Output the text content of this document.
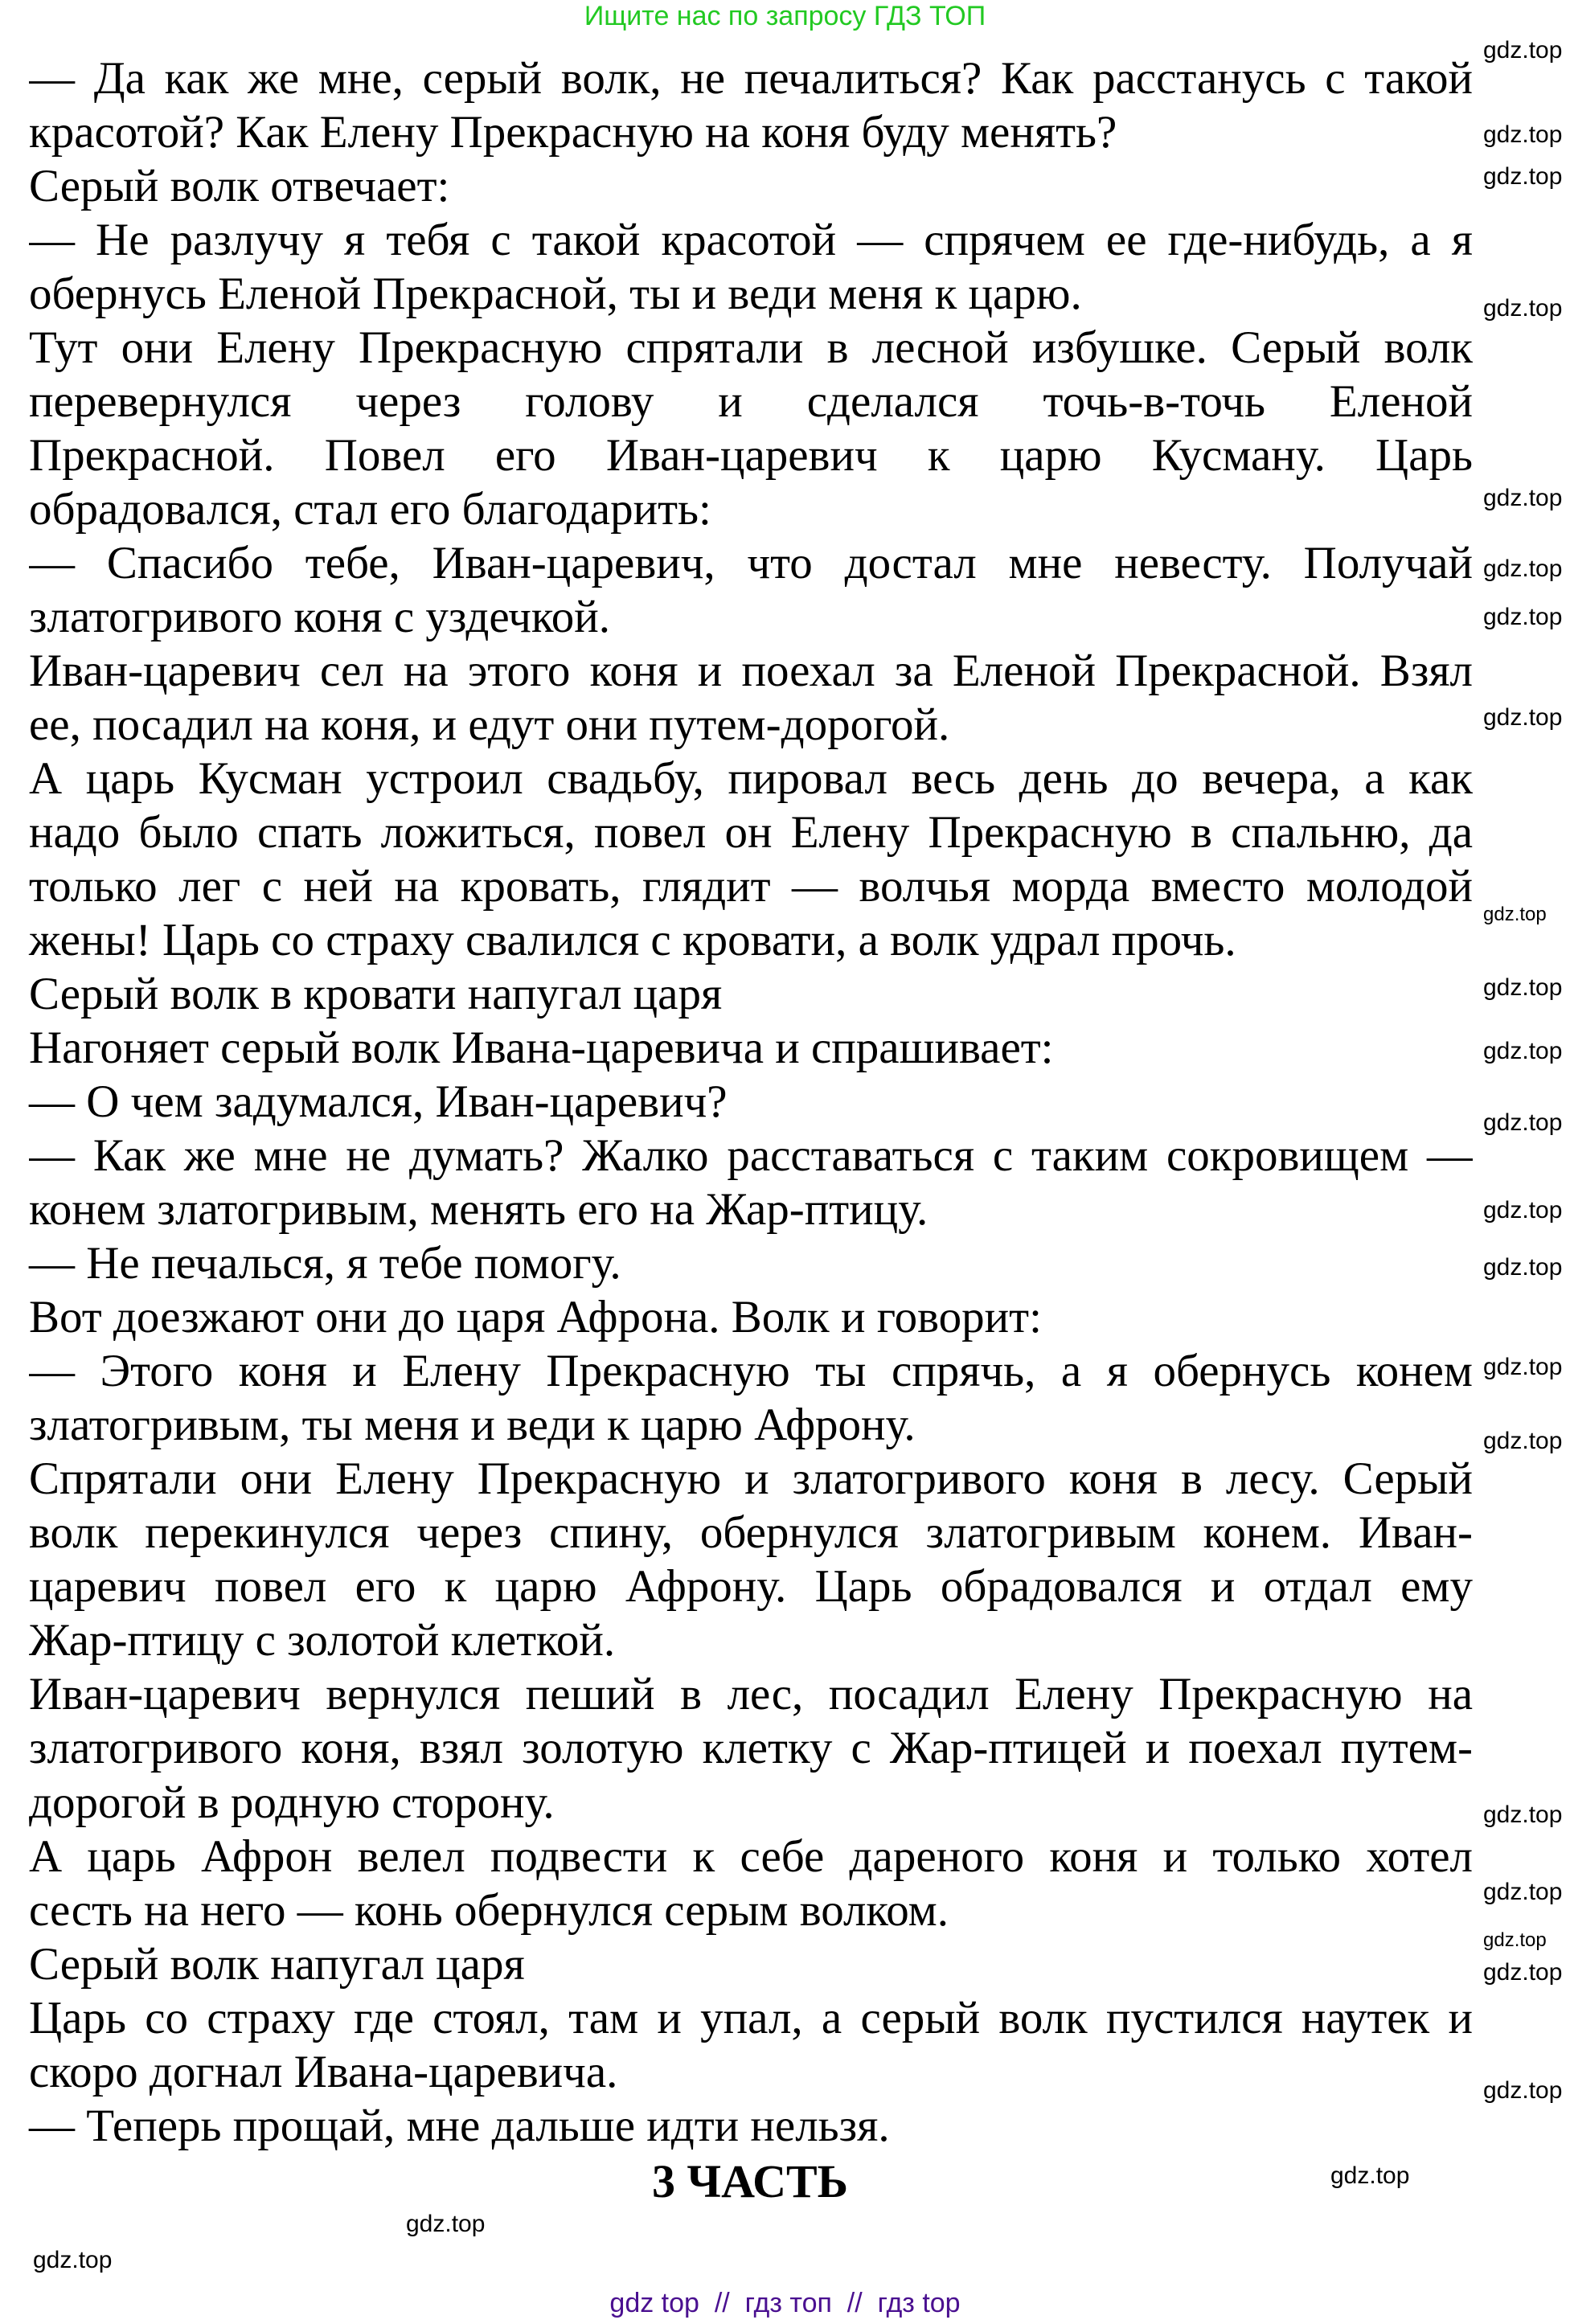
Ищите нас по запросу ГДЗ ТОП
— Да как же мне, серый волк, не печалиться? Как расстанусь с такой
красотой? Как Елену Прекрасную на коня буду менять?
Серый волк отвечает:
— Не разлучу я тебя с такой красотой — спрячем ее где-нибудь, а я
обернусь Еленой Прекрасной, ты и веди меня к царю.
Тут они Елену Прекрасную спрятали в лесной избушке. Серый волк
перевернулся через голову и сделался точь-в-точь Еленой
Прекрасной. Повел его Иван-царевич к царю Кусману. Царь
обрадовался, стал его благодарить:
— Спасибо тебе, Иван-царевич, что достал мне невесту. Получай
златогривого коня с уздечкой.
Иван-царевич сел на этого коня и поехал за Еленой Прекрасной. Взял
ее, посадил на коня, и едут они путем-дорогой.
А царь Кусман устроил свадьбу, пировал весь день до вечера, а как
надо было спать ложиться, повел он Елену Прекрасную в спальню, да
только лег с ней на кровать, глядит — волчья морда вместо молодой
жены! Царь со страху свалился с кровати, а волк удрал прочь.
Серый волк в кровати напугал царя
Нагоняет серый волк Ивана-царевича и спрашивает:
— О чем задумался, Иван-царевич?
— Как же мне не думать? Жалко расставаться с таким сокровищем —
конем златогривым, менять его на Жар-птицу.
— Не печалься, я тебе помогу.
Вот доезжают они до царя Афрона. Волк и говорит:
— Этого коня и Елену Прекрасную ты спрячь, а я обернусь конем
златогривым, ты меня и веди к царю Афрону.
Спрятали они Елену Прекрасную и златогривого коня в лесу. Серый
волк перекинулся через спину, обернулся златогривым конем. Иван-
царевич повел его к царю Афрону. Царь обрадовался и отдал ему
Жар-птицу с золотой клеткой.
Иван-царевич вернулся пеший в лес, посадил Елену Прекрасную на
златогривого коня, взял золотую клетку с Жар-птицей и поехал путем-
дорогой в родную сторону.
А царь Афрон велел подвести к себе дареного коня и только хотел
сесть на него — конь обернулся серым волком.
Серый волк напугал царя
Царь со страху где стоял, там и упал, а серый волк пустился наутек и
скоро догнал Ивана-царевича.
— Теперь прощай, мне дальше идти нельзя.
3 ЧАСТЬ
gdz.top
gdz.top
gdz.top
gdz.top
gdz.top
gdz.top
gdz.top
gdz.top
gdz.top
gdz.top
gdz.top
gdz.top
gdz.top
gdz.top
gdz.top
gdz.top
gdz.top
gdz.top
gdz.top
gdz.top
gdz.top
gdz.top
gdz.top
gdz.top
gdz top  //  гдз топ  //  гдз top
